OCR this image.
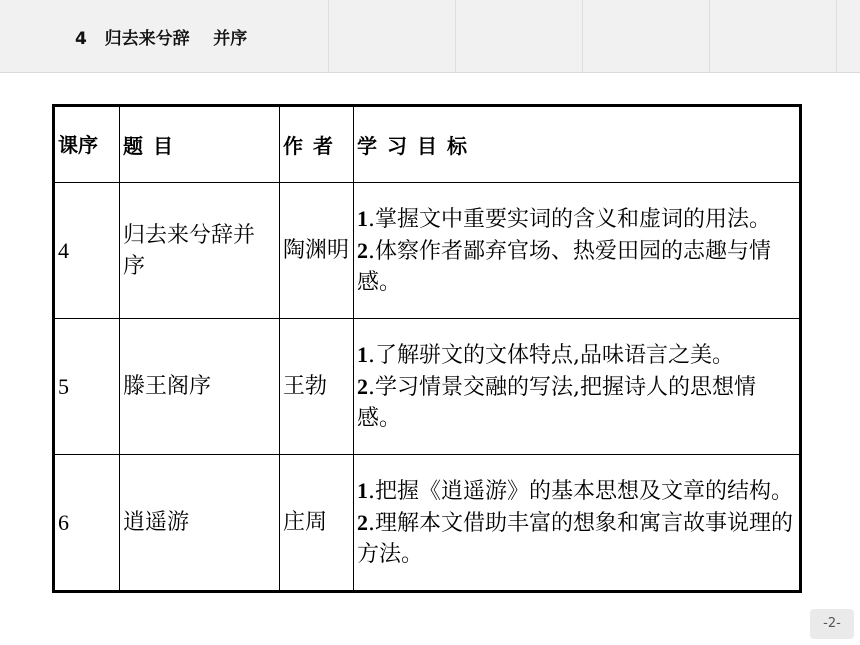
4   归去来兮辞    并序
课序	题目	作者	学习目标
4	归去来兮辞并序	陶渊明	1.掌握文中重要实词的含义和虚词的用法。
2.体察作者鄙弃官场、热爱田园的志趣与情感。

5	滕王阁序	王勃	1.了解骈文的文体特点,品味语言之美。
2.学习情景交融的写法,把握诗人的思想情感。

6	逍遥游	庄周	1.把握《逍遥游》的基本思想及文章的结构。
2.理解本文借助丰富的想象和寓言故事说理的方法。
-2-
